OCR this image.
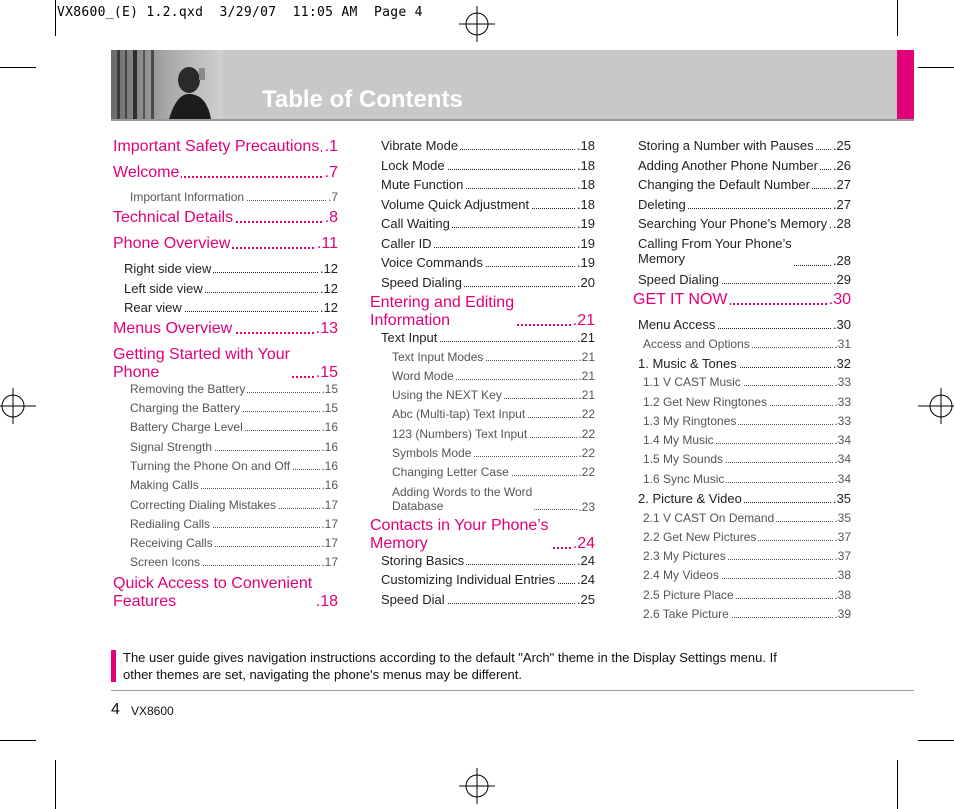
VX8600_(E) 1.2.qxd  3/29/07  11:05 AM  Page 4
Table of Contents
Important Safety Precautions .1
Welcome	.7
Important Information	.7
Technical Details	.8
Phone Overview	.11
Right side view	.12
Left side view	.12
Rear view	.12
Menus Overview	.13
Getting Started with Your
Phone	.15
Removing the Battery	.15
Charging the Battery	.15
Battery Charge Level	.16
Signal Strength	.16
Turning the Phone On and Off	.16
Making Calls	.16
Correcting Dialing Mistakes	.17
Redialing Calls	.17
Receiving Calls	.17
Screen Icons	.17
Quick Access to Convenient
Features	.18
Vibrate Mode	.18
Lock Mode	.18
Mute Function	.18
Volume Quick Adjustment	.18
Call Waiting	.19
Caller ID	.19
Voice Commands	.19
Speed Dialing	.20
Entering and Editing
Information	.21
Text Input	.21
Text Input Modes	.21
Word Mode	.21
Using the NEXT Key	.21
Abc (Multi-tap) Text Input	.22
123 (Numbers) Text Input	.22
Symbols Mode	.22
Changing Letter Case	.22
Adding Words to the Word
Database	.23
Contacts in Your Phone’s
Memory	.24
Storing Basics	.24
Customizing Individual Entries .24
Speed Dial	.25
Storing a Number with Pauses .25
Adding Another Phone Number .26
Changing the Default Number .27
Deleting	.27
Searching Your Phone’s Memory .28
Calling From Your Phone’s
Memory	.28
Speed Dialing	.29
GET IT NOW	.30
Menu Access	.30
Access and Options	.31
1. Music & Tones	.32
1.1 V CAST Music	.33
1.2 Get New Ringtones	.33
1.3 My Ringtones	.33
1.4 My Music	.34
1.5 My Sounds	.34
1.6 Sync Music	.34
2. Picture & Video	.35
2.1 V CAST On Demand	.35
2.2 Get New Pictures	.37
2.3 My Pictures	.37
2.4 My Videos	.38
2.5 Picture Place	.38
2.6 Take Picture	.39
The user guide gives navigation instructions according to the default "Arch" theme in the Display Settings menu. If other themes are set, navigating the phone's menus may be different.
4 VX8600
